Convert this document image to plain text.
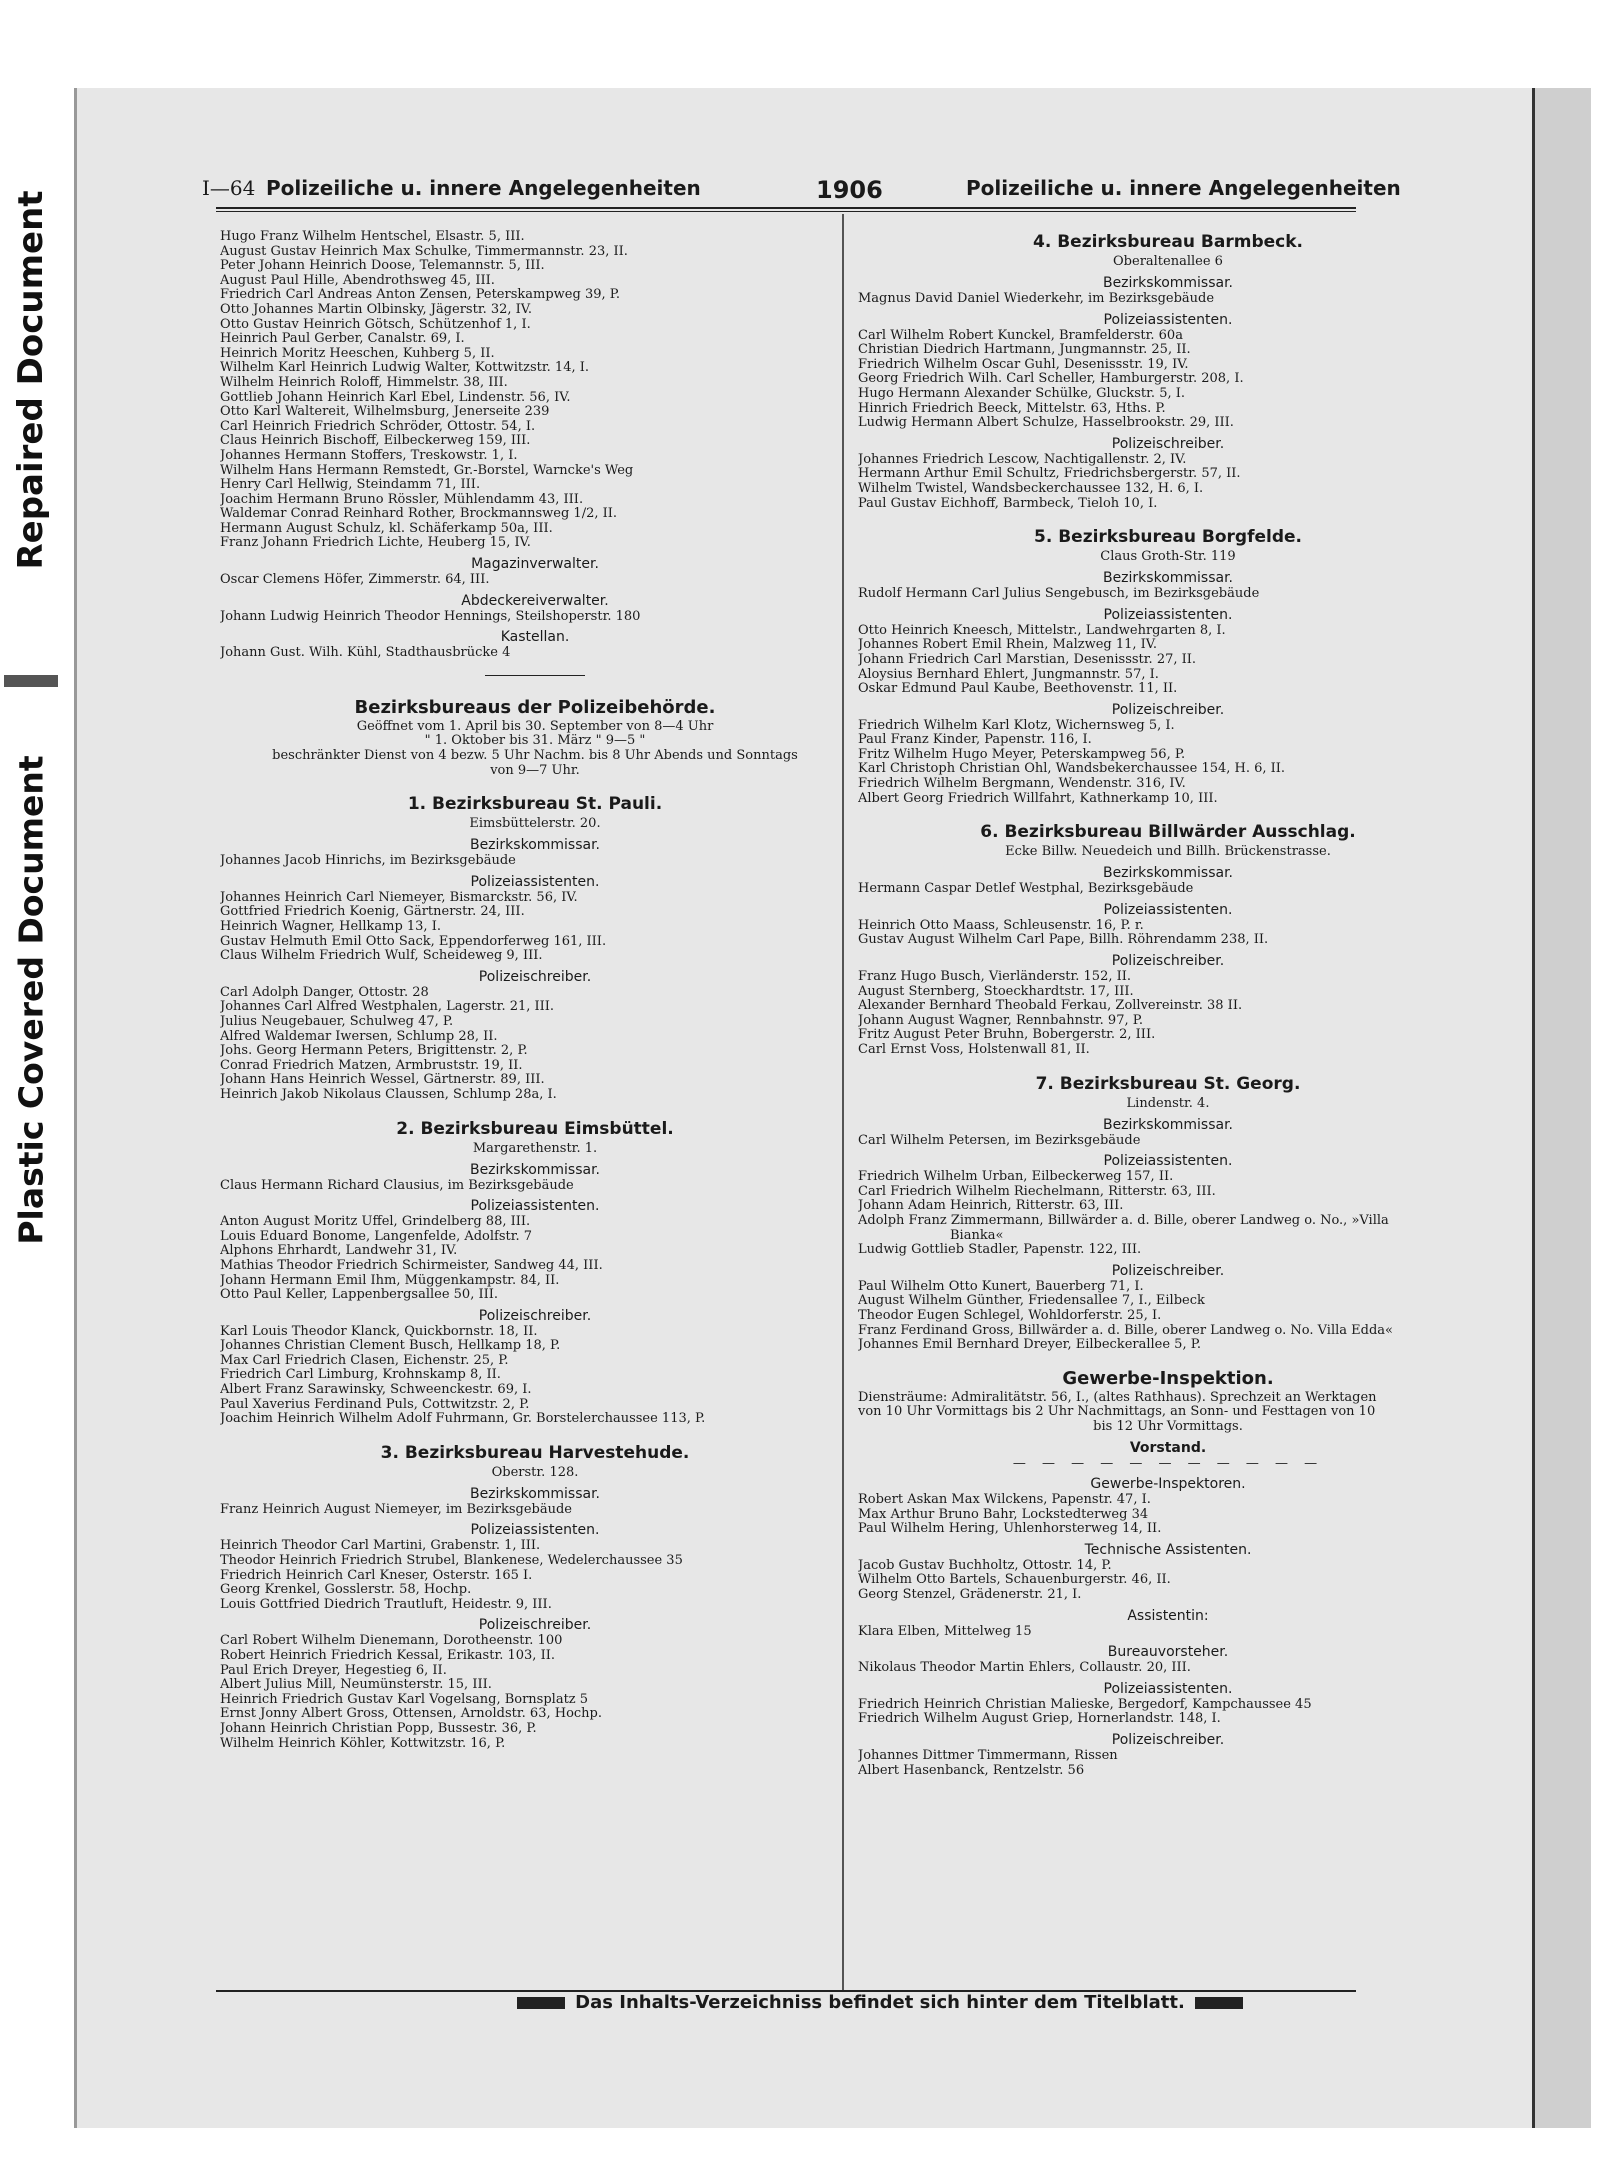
Repaired Document
Plastic Covered Document
I—64 Polizeiliche u. innere Angelegenheiten	1906	Polizeiliche u. innere Angelegenheiten
Hugo Franz Wilhelm Hentschel, Elsastr. 5, III.
August Gustav Heinrich Max Schulke, Timmermannstr. 23, II.
Peter Johann Heinrich Doose, Telemannstr. 5, III.
August Paul Hille, Abendrothsweg 45, III.
Friedrich Carl Andreas Anton Zensen, Peterskampweg 39, P.
Otto Johannes Martin Olbinsky, Jägerstr. 32, IV.
Otto Gustav Heinrich Götsch, Schützenhof 1, I.
Heinrich Paul Gerber, Canalstr. 69, I.
Heinrich Moritz Heeschen, Kuhberg 5, II.
Wilhelm Karl Heinrich Ludwig Walter, Kottwitzstr. 14, I.
Wilhelm Heinrich Roloff, Himmelstr. 38, III.
Gottlieb Johann Heinrich Karl Ebel, Lindenstr. 56, IV.
Otto Karl Waltereit, Wilhelmsburg, Jenerseite 239
Carl Heinrich Friedrich Schröder, Ottostr. 54, I.
Claus Heinrich Bischoff, Eilbeckerweg 159, III.
Johannes Hermann Stoffers, Treskowstr. 1, I.
Wilhelm Hans Hermann Remstedt, Gr.-Borstel, Warncke's Weg
Henry Carl Hellwig, Steindamm 71, III.
Joachim Hermann Bruno Rössler, Mühlendamm 43, III.
Waldemar Conrad Reinhard Rother, Brockmannsweg 1/2, II.
Hermann August Schulz, kl. Schäferkamp 50a, III.
Franz Johann Friedrich Lichte, Heuberg 15, IV.
Magazinverwalter.
Oscar Clemens Höfer, Zimmerstr. 64, III.
Abdeckereiverwalter.
Johann Ludwig Heinrich Theodor Hennings, Steilshoperstr. 180
Kastellan.
Johann Gust. Wilh. Kühl, Stadthausbrücke 4
Bezirksbureaus der Polizeibehörde.
Geöffnet vom 1. April bis 30. September von 8—4 Uhr
" 1. Oktober bis 31. März " 9—5 "
beschränkter Dienst von 4 bezw. 5 Uhr Nachm. bis 8 Uhr Abends und Sonntags
von 9—7 Uhr.
1. Bezirksbureau St. Pauli.
Eimsbüttelerstr. 20.
Bezirkskommissar.
Johannes Jacob Hinrichs, im Bezirksgebäude
Polizeiassistenten.
Johannes Heinrich Carl Niemeyer, Bismarckstr. 56, IV.
Gottfried Friedrich Koenig, Gärtnerstr. 24, III.
Heinrich Wagner, Hellkamp 13, I.
Gustav Helmuth Emil Otto Sack, Eppendorferweg 161, III.
Claus Wilhelm Friedrich Wulf, Scheideweg 9, III.
Polizeischreiber.
Carl Adolph Danger, Ottostr. 28
Johannes Carl Alfred Westphalen, Lagerstr. 21, III.
Julius Neugebauer, Schulweg 47, P.
Alfred Waldemar Iwersen, Schlump 28, II.
Johs. Georg Hermann Peters, Brigittenstr. 2, P.
Conrad Friedrich Matzen, Armbruststr. 19, II.
Johann Hans Heinrich Wessel, Gärtnerstr. 89, III.
Heinrich Jakob Nikolaus Claussen, Schlump 28a, I.
2. Bezirksbureau Eimsbüttel.
Margarethenstr. 1.
Bezirkskommissar.
Claus Hermann Richard Clausius, im Bezirksgebäude
Polizeiassistenten.
Anton August Moritz Uffel, Grindelberg 88, III.
Louis Eduard Bonome, Langenfelde, Adolfstr. 7
Alphons Ehrhardt, Landwehr 31, IV.
Mathias Theodor Friedrich Schirmeister, Sandweg 44, III.
Johann Hermann Emil Ihm, Müggenkampstr. 84, II.
Otto Paul Keller, Lappenbergsallee 50, III.
Polizeischreiber.
Karl Louis Theodor Klanck, Quickbornstr. 18, II.
Johannes Christian Clement Busch, Hellkamp 18, P.
Max Carl Friedrich Clasen, Eichenstr. 25, P.
Friedrich Carl Limburg, Krohnskamp 8, II.
Albert Franz Sarawinsky, Schweenckestr. 69, I.
Paul Xaverius Ferdinand Puls, Cottwitzstr. 2, P.
Joachim Heinrich Wilhelm Adolf Fuhrmann, Gr. Borstelerchaussee 113, P.
3. Bezirksbureau Harvestehude.
Oberstr. 128.
Bezirkskommissar.
Franz Heinrich August Niemeyer, im Bezirksgebäude
Polizeiassistenten.
Heinrich Theodor Carl Martini, Grabenstr. 1, III.
Theodor Heinrich Friedrich Strubel, Blankenese, Wedelerchaussee 35
Friedrich Heinrich Carl Kneser, Osterstr. 165 I.
Georg Krenkel, Gosslerstr. 58, Hochp.
Louis Gottfried Diedrich Trautluft, Heidestr. 9, III.
Polizeischreiber.
Carl Robert Wilhelm Dienemann, Dorotheenstr. 100
Robert Heinrich Friedrich Kessal, Erikastr. 103, II.
Paul Erich Dreyer, Hegestieg 6, II.
Albert Julius Mill, Neumünsterstr. 15, III.
Heinrich Friedrich Gustav Karl Vogelsang, Bornsplatz 5
Ernst Jonny Albert Gross, Ottensen, Arnoldstr. 63, Hochp.
Johann Heinrich Christian Popp, Bussestr. 36, P.
Wilhelm Heinrich Köhler, Kottwitzstr. 16, P.
4. Bezirksbureau Barmbeck.
Oberaltenallee 6
Bezirkskommissar.
Magnus David Daniel Wiederkehr, im Bezirksgebäude
Polizeiassistenten.
Carl Wilhelm Robert Kunckel, Bramfelderstr. 60a
Christian Diedrich Hartmann, Jungmannstr. 25, II.
Friedrich Wilhelm Oscar Guhl, Desenissstr. 19, IV.
Georg Friedrich Wilh. Carl Scheller, Hamburgerstr. 208, I.
Hugo Hermann Alexander Schülke, Gluckstr. 5, I.
Hinrich Friedrich Beeck, Mittelstr. 63, Hths. P.
Ludwig Hermann Albert Schulze, Hasselbrookstr. 29, III.
Polizeischreiber.
Johannes Friedrich Lescow, Nachtigallenstr. 2, IV.
Hermann Arthur Emil Schultz, Friedrichsbergerstr. 57, II.
Wilhelm Twistel, Wandsbeckerchaussee 132, H. 6, I.
Paul Gustav Eichhoff, Barmbeck, Tieloh 10, I.
5. Bezirksbureau Borgfelde.
Claus Groth-Str. 119
Bezirkskommissar.
Rudolf Hermann Carl Julius Sengebusch, im Bezirksgebäude
Polizeiassistenten.
Otto Heinrich Kneesch, Mittelstr., Landwehrgarten 8, I.
Johannes Robert Emil Rhein, Malzweg 11, IV.
Johann Friedrich Carl Marstian, Desenissstr. 27, II.
Aloysius Bernhard Ehlert, Jungmannstr. 57, I.
Oskar Edmund Paul Kaube, Beethovenstr. 11, II.
Polizeischreiber.
Friedrich Wilhelm Karl Klotz, Wichernsweg 5, I.
Paul Franz Kinder, Papenstr. 116, I.
Fritz Wilhelm Hugo Meyer, Peterskampweg 56, P.
Karl Christoph Christian Ohl, Wandsbekerchaussee 154, H. 6, II.
Friedrich Wilhelm Bergmann, Wendenstr. 316, IV.
Albert Georg Friedrich Willfahrt, Kathnerkamp 10, III.
6. Bezirksbureau Billwärder Ausschlag.
Ecke Billw. Neuedeich und Billh. Brückenstrasse.
Bezirkskommissar.
Hermann Caspar Detlef Westphal, Bezirksgebäude
Polizeiassistenten.
Heinrich Otto Maass, Schleusenstr. 16, P. r.
Gustav August Wilhelm Carl Pape, Billh. Röhrendamm 238, II.
Polizeischreiber.
Franz Hugo Busch, Vierländerstr. 152, II.
August Sternberg, Stoeckhardtstr. 17, III.
Alexander Bernhard Theobald Ferkau, Zollvereinstr. 38 II.
Johann August Wagner, Rennbahnstr. 97, P.
Fritz August Peter Bruhn, Bobergerstr. 2, III.
Carl Ernst Voss, Holstenwall 81, II.
7. Bezirksbureau St. Georg.
Lindenstr. 4.
Bezirkskommissar.
Carl Wilhelm Petersen, im Bezirksgebäude
Polizeiassistenten.
Friedrich Wilhelm Urban, Eilbeckerweg 157, II.
Carl Friedrich Wilhelm Riechelmann, Ritterstr. 63, III.
Johann Adam Heinrich, Ritterstr. 63, III.
Adolph Franz Zimmermann, Billwärder a. d. Bille, oberer Landweg o. No., »Villa
Bianka«
Ludwig Gottlieb Stadler, Papenstr. 122, III.
Polizeischreiber.
Paul Wilhelm Otto Kunert, Bauerberg 71, I.
August Wilhelm Günther, Friedensallee 7, I., Eilbeck
Theodor Eugen Schlegel, Wohldorferstr. 25, I.
Franz Ferdinand Gross, Billwärder a. d. Bille, oberer Landweg o. No. Villa Edda«
Johannes Emil Bernhard Dreyer, Eilbeckerallee 5, P.
Gewerbe-Inspektion.
Diensträume: Admiralitätstr. 56, I., (altes Rathhaus). Sprechzeit an Werktagen
von 10 Uhr Vormittags bis 2 Uhr Nachmittags, an Sonn- und Festtagen von 10
bis 12 Uhr Vormittags.
Vorstand.
— — — — — — — — — — —
Gewerbe-Inspektoren.
Robert Askan Max Wilckens, Papenstr. 47, I.
Max Arthur Bruno Bahr, Lockstedterweg 34
Paul Wilhelm Hering, Uhlenhorsterweg 14, II.
Technische Assistenten.
Jacob Gustav Buchholtz, Ottostr. 14, P.
Wilhelm Otto Bartels, Schauenburgerstr. 46, II.
Georg Stenzel, Grädenerstr. 21, I.
Assistentin:
Klara Elben, Mittelweg 15
Bureauvorsteher.
Nikolaus Theodor Martin Ehlers, Collaustr. 20, III.
Polizeiassistenten.
Friedrich Heinrich Christian Malieske, Bergedorf, Kampchaussee 45
Friedrich Wilhelm August Griep, Hornerlandstr. 148, I.
Polizeischreiber.
Johannes Dittmer Timmermann, Rissen
Albert Hasenbanck, Rentzelstr. 56
Das Inhalts-Verzeichniss befindet sich hinter dem Titelblatt.
